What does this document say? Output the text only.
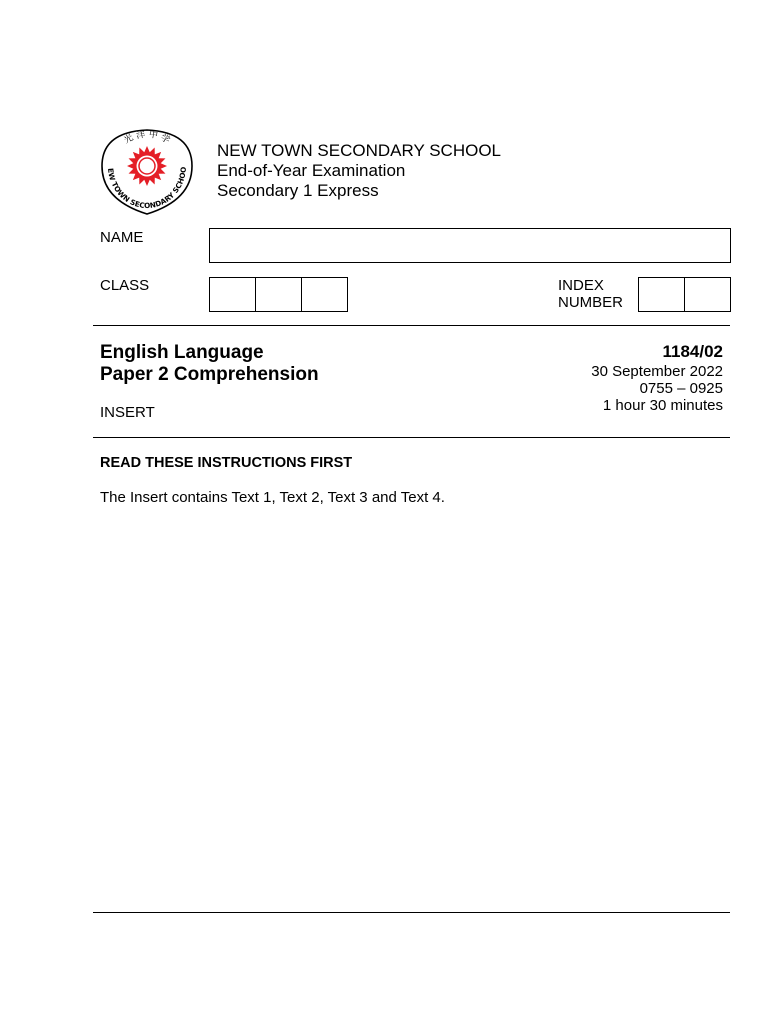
光 洋 中 学
EW TOWN SECONDARY SCHOO
NEW TOWN SECONDARY SCHOOL
End-of-Year Examination
Secondary 1 Express
NAME
CLASS	INDEX
NUMBER
English Language
Paper 2 Comprehension
1184/02
30 September 2022
0755 – 0925
1 hour 30 minutes
INSERT
READ THESE INSTRUCTIONS FIRST
The Insert contains Text 1, Text 2, Text 3 and Text 4.
